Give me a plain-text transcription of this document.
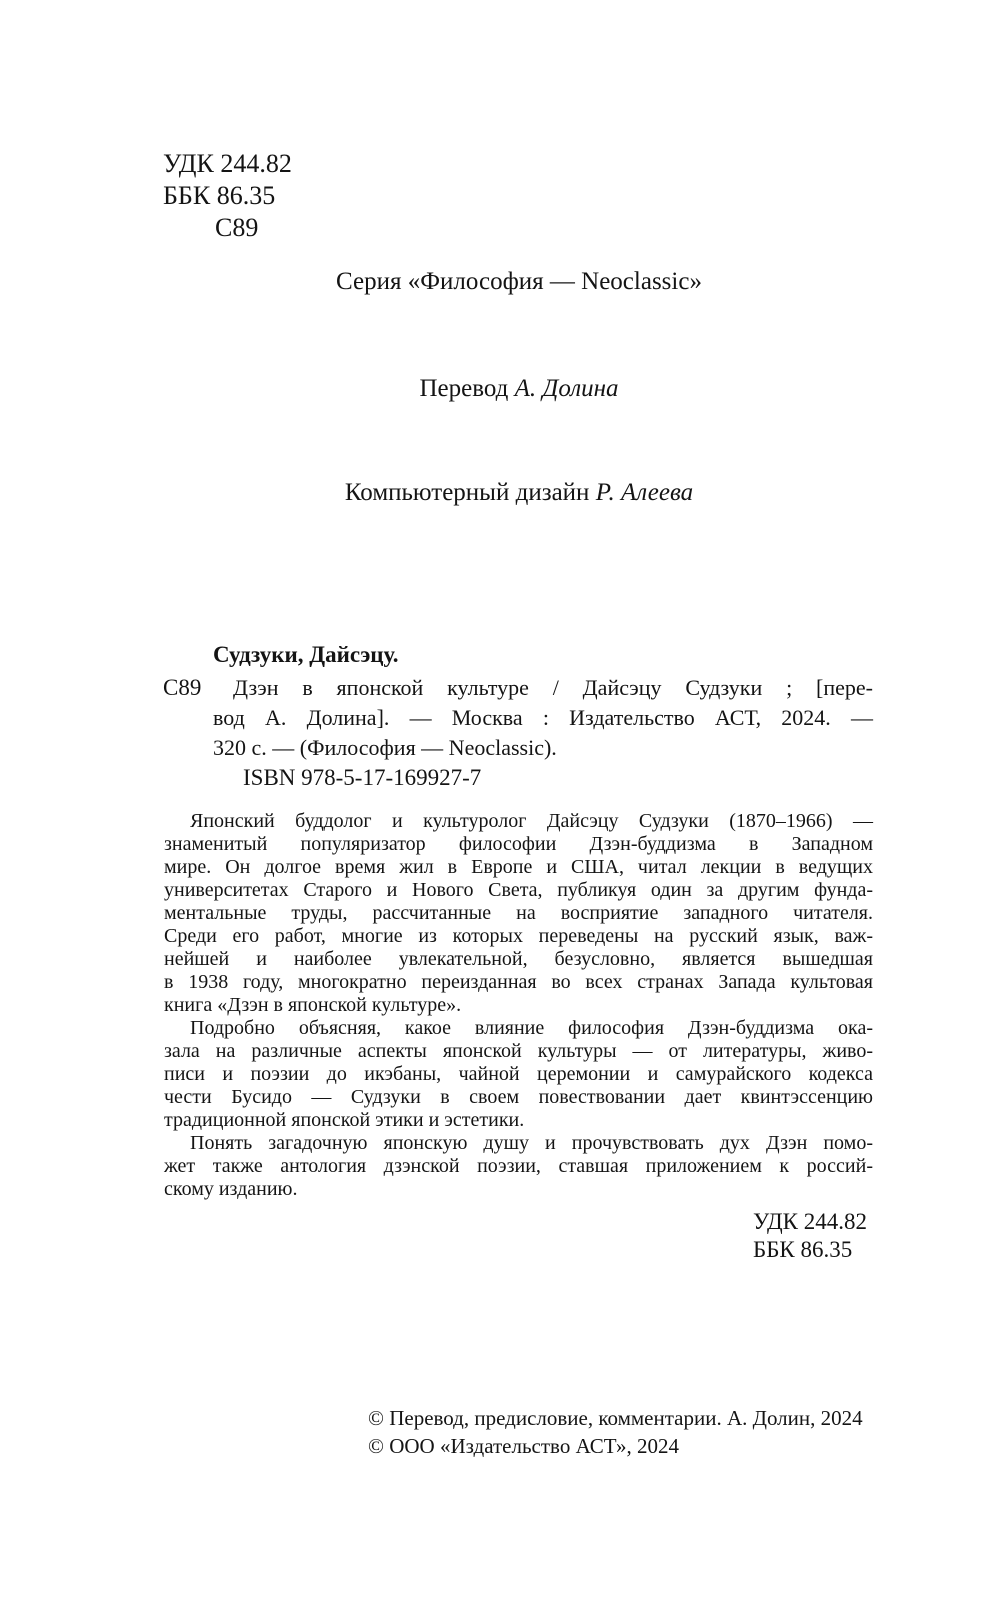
УДК 244.82
ББК 86.35
С89
Серия «Философия — Neoclassic»
Перевод А. Долина
Компьютерный дизайн Р. Алеева
Судзуки, Дайсэцу.
С89	Дзэн в японской культуре / Дайсэцу Судзуки ; [пере-
вод А. Долина]. — Москва : Издательство АСТ, 2024. —
320 с. — (Философия — Neoclassic).
ISBN 978-5-17-169927-7
Японский буддолог и культуролог Дайсэцу Судзуки (1870–1966) —
знаменитый популяризатор философии Дзэн-буддизма в Западном
мире. Он долгое время жил в Европе и США, читал лекции в ведущих
университетах Старого и Нового Света, публикуя один за другим фунда-
ментальные труды, рассчитанные на восприятие западного читателя.
Среди его работ, многие из которых переведены на русский язык, важ-
нейшей и наиболее увлекательной, безусловно, является вышедшая
в 1938 году, многократно переизданная во всех странах Запада культовая
книга «Дзэн в японской культуре».
Подробно объясняя, какое влияние философия Дзэн-буддизма ока-
зала на различные аспекты японской культуры — от литературы, живо-
писи и поэзии до икэбаны, чайной церемонии и самурайского кодекса
чести Бусидо — Судзуки в своем повествовании дает квинтэссенцию
традиционной японской этики и эстетики.
Понять загадочную японскую душу и прочувствовать дух Дзэн помо-
жет также антология дзэнской поэзии, ставшая приложением к россий-
скому изданию.
УДК 244.82
ББК 86.35
© Перевод, предисловие, комментарии. А. Долин, 2024
© ООО «Издательство АСТ», 2024
